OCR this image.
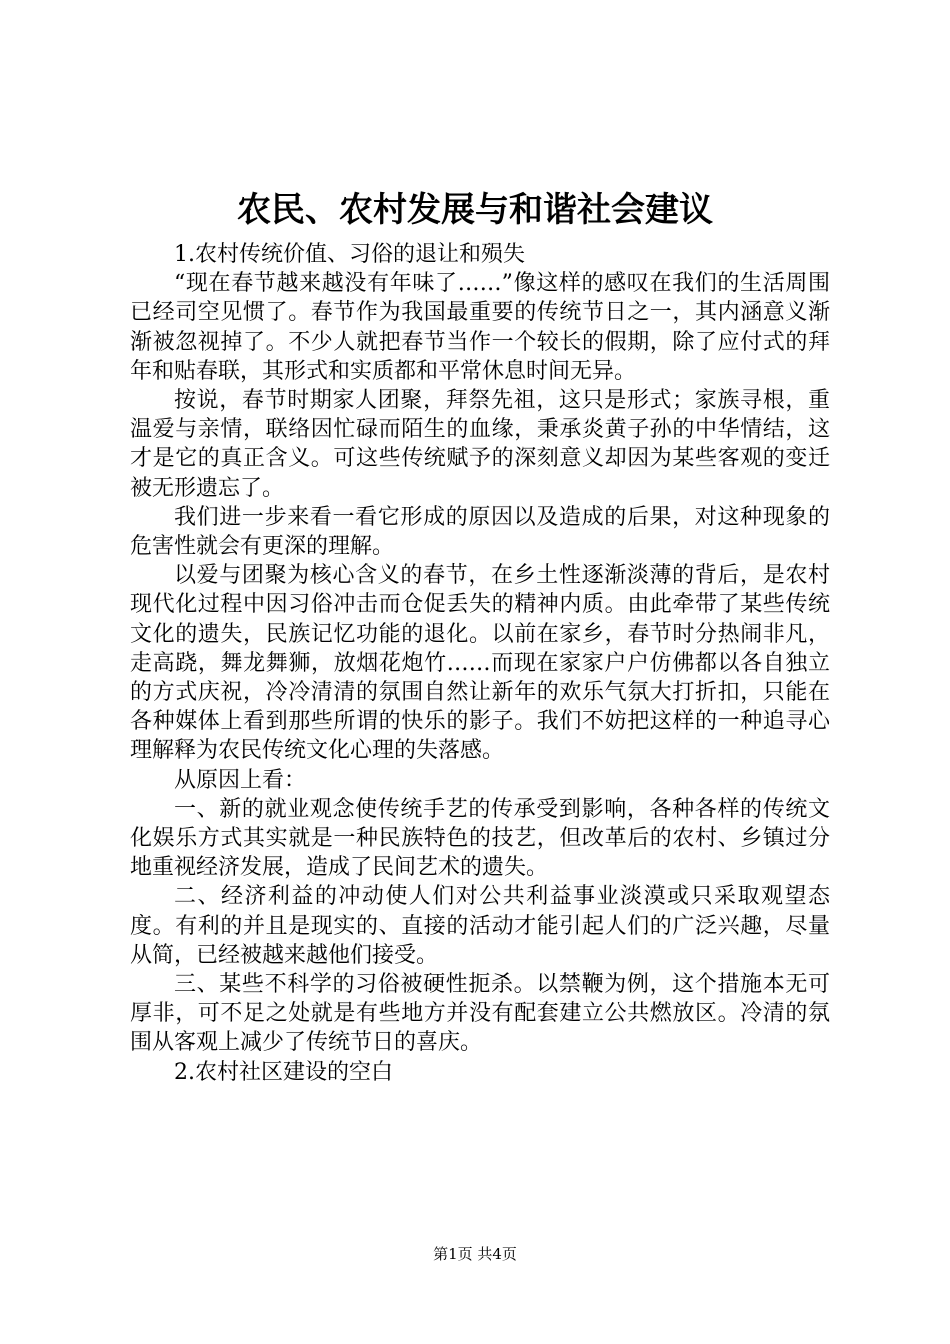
农民、农村发展与和谐社会建议

1.农村传统价值、习俗的退让和殒失

“现在春节越来越没有年味了……”像这样的感叹在我们的生活周围已经司空见惯了。春节作为我国最重要的传统节日之一，其内涵意义渐渐被忽视掉了。不少人就把春节当作一个较长的假期，除了应付式的拜年和贴春联，其形式和实质都和平常休息时间无异。

按说，春节时期家人团聚，拜祭先祖，这只是形式；家族寻根，重温爱与亲情，联络因忙碌而陌生的血缘，秉承炎黄子孙的中华情结，这才是它的真正含义。可这些传统赋予的深刻意义却因为某些客观的变迁被无形遗忘了。

我们进一步来看一看它形成的原因以及造成的后果，对这种现象的危害性就会有更深的理解。

以爱与团聚为核心含义的春节，在乡土性逐渐淡薄的背后，是农村现代化过程中因习俗冲击而仓促丢失的精神内质。由此牵带了某些传统文化的遗失，民族记忆功能的退化。以前在家乡，春节时分热闹非凡，走高跷，舞龙舞狮，放烟花炮竹……而现在家家户户仿佛都以各自独立的方式庆祝，冷冷清清的氛围自然让新年的欢乐气氛大打折扣，只能在各种媒体上看到那些所谓的快乐的影子。我们不妨把这样的一种追寻心理解释为农民传统文化心理的失落感。

从原因上看：

一、新的就业观念使传统手艺的传承受到影响，各种各样的传统文化娱乐方式其实就是一种民族特色的技艺，但改革后的农村、乡镇过分地重视经济发展，造成了民间艺术的遗失。

二、经济利益的冲动使人们对公共利益事业淡漠或只采取观望态度。有利的并且是现实的、直接的活动才能引起人们的广泛兴趣，尽量从简，已经被越来越他们接受。

三、某些不科学的习俗被硬性扼杀。以禁鞭为例，这个措施本无可厚非，可不足之处就是有些地方并没有配套建立公共燃放区。冷清的氛围从客观上减少了传统节日的喜庆。

2.农村社区建设的空白

第1页 共4页
